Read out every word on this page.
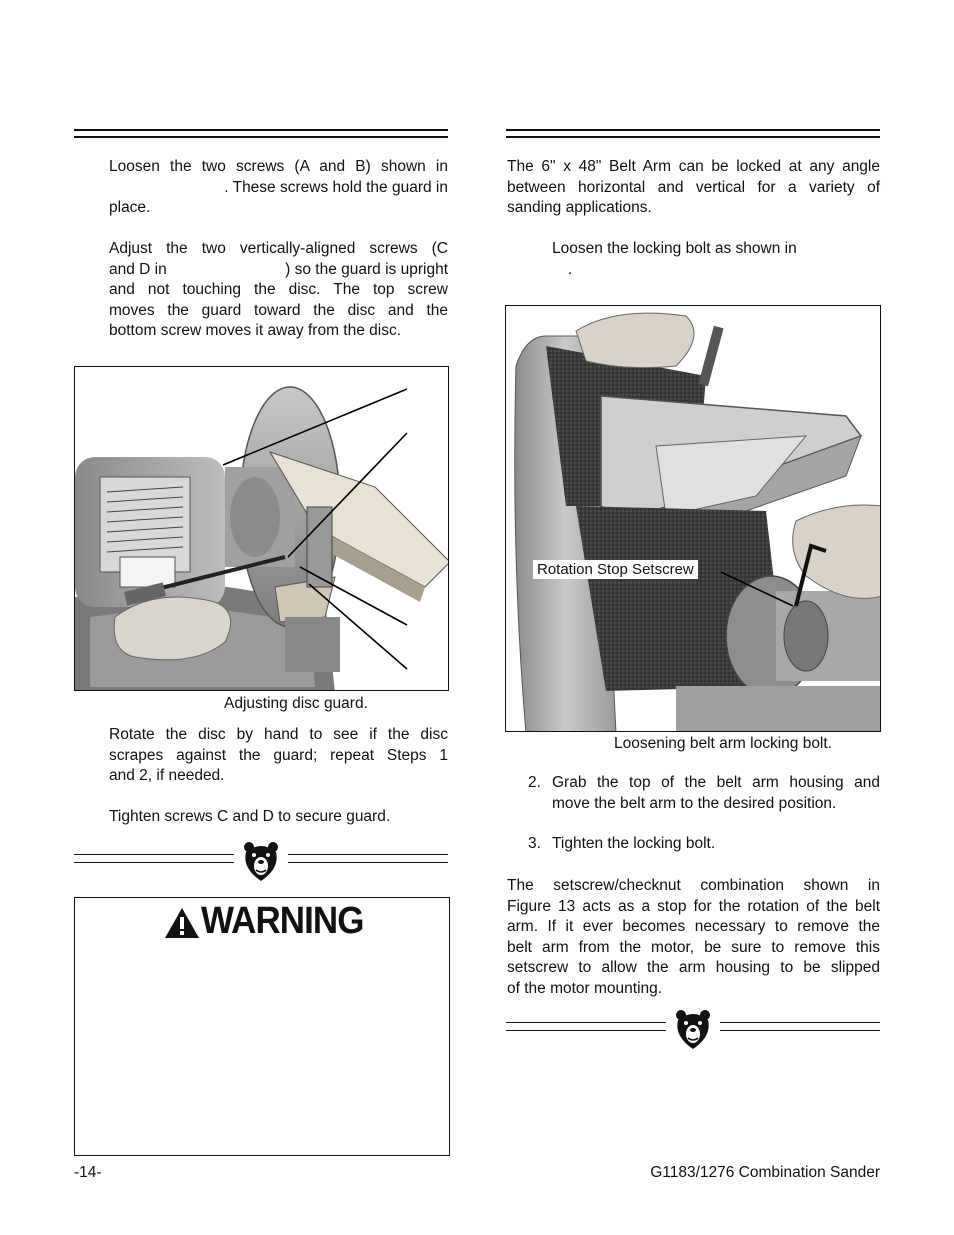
Loosen the two screws (A and B) shown in

. These screws hold the guard in

place.

Adjust the two vertically-aligned screws (C

and D in	) so the guard is upright

and not touching the disc. The top screw

moves the guard toward the disc and the

bottom screw moves it away from the disc.

Adjusting disc guard.

Rotate the disc by hand to see if the disc

scrapes against the guard; repeat Steps 1

and 2, if needed.

Tighten screws C and D to secure guard.

WARNING

The 6" x 48" Belt Arm can be locked at any angle

between horizontal and vertical for a variety of

sanding applications.

Loosen the locking bolt as shown in

.

Rotation Stop Setscrew
Loosening belt arm locking bolt.
2. Grab the top of the belt arm housing and

move the belt arm to the desired position.

3. Tighten the locking bolt.

The setscrew/checknut combination shown in

Figure 13 acts as a stop for the rotation of the belt

arm. If it ever becomes necessary to remove the

belt arm from the motor, be sure to remove this

setscrew to allow the arm housing to be slipped

of the motor mounting.

-14-	G1183/1276 Combination Sander
